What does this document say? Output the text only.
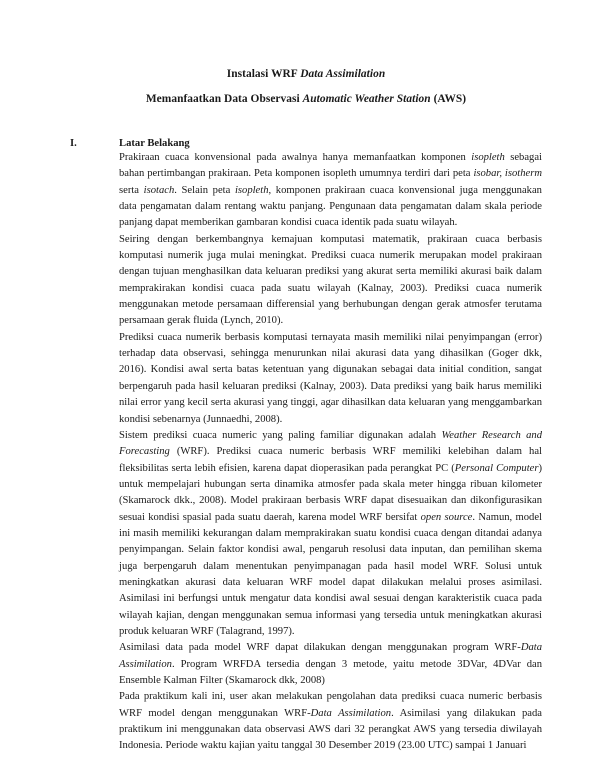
Instalasi WRF Data Assimilation
Memanfaatkan Data Observasi Automatic Weather Station (AWS)
I.	Latar Belakang

Prakiraan cuaca konvensional pada awalnya hanya memanfaatkan komponen isopleth sebagai bahan pertimbangan prakiraan. Peta komponen isopleth umumnya terdiri dari peta isobar, isotherm serta isotach. Selain peta isopleth, komponen prakiraan cuaca konvensional juga menggunakan data pengamatan dalam rentang waktu panjang. Pengunaan data pengamatan dalam skala periode panjang dapat memberikan gambaran kondisi cuaca identik pada suatu wilayah.

Seiring dengan berkembangnya kemajuan komputasi matematik, prakiraan cuaca berbasis komputasi numerik juga mulai meningkat. Prediksi cuaca numerik merupakan model prakiraan dengan tujuan menghasilkan data keluaran prediksi yang akurat serta memiliki akurasi baik dalam memprakirakan kondisi cuaca pada suatu wilayah (Kalnay, 2003). Prediksi cuaca numerik menggunakan metode persamaan differensial yang berhubungan dengan gerak atmosfer terutama persamaan gerak fluida (Lynch, 2010).

Prediksi cuaca numerik berbasis komputasi ternayata masih memiliki nilai penyimpangan (error) terhadap data observasi, sehingga menurunkan nilai akurasi data yang dihasilkan (Goger dkk, 2016). Kondisi awal serta batas ketentuan yang digunakan sebagai data initial condition, sangat berpengaruh pada hasil keluaran prediksi (Kalnay, 2003). Data prediksi yang baik harus memiliki nilai error yang kecil serta akurasi yang tinggi, agar dihasilkan data keluaran yang menggambarkan kondisi sebenarnya (Junnaedhi, 2008).

Sistem prediksi cuaca numeric yang paling familiar digunakan adalah Weather Research and Forecasting (WRF). Prediksi cuaca numeric berbasis WRF memiliki kelebihan dalam hal fleksibilitas serta lebih efisien, karena dapat dioperasikan pada perangkat PC (Personal Computer) untuk mempelajari hubungan serta dinamika atmosfer pada skala meter hingga ribuan kilometer (Skamarock dkk., 2008). Model prakiraan berbasis WRF dapat disesuaikan dan dikonfigurasikan sesuai kondisi spasial pada suatu daerah, karena model WRF bersifat open source. Namun, model ini masih memiliki kekurangan dalam memprakirakan suatu kondisi cuaca dengan ditandai adanya penyimpangan. Selain faktor kondisi awal, pengaruh resolusi data inputan, dan pemilihan skema juga berpengaruh dalam menentukan penyimpanagan pada hasil model WRF. Solusi untuk meningkatkan akurasi data keluaran WRF model dapat dilakukan melalui proses asimilasi. Asimilasi ini berfungsi untuk mengatur data kondisi awal sesuai dengan karakteristik cuaca pada wilayah kajian, dengan menggunakan semua informasi yang tersedia untuk meningkatkan akurasi produk keluaran WRF (Talagrand, 1997).

Asimilasi data pada model WRF dapat dilakukan dengan menggunakan program WRF-Data Assimilation. Program WRFDA tersedia dengan 3 metode, yaitu metode 3DVar, 4DVar dan Ensemble Kalman Filter (Skamarock dkk, 2008)

Pada praktikum kali ini, user akan melakukan pengolahan data prediksi cuaca numeric berbasis WRF model dengan menggunakan WRF-Data Assimilation. Asimilasi yang dilakukan pada praktikum ini menggunakan data observasi AWS dari 32 perangkat AWS yang tersedia diwilayah Indonesia. Periode waktu kajian yaitu tanggal 30 Desember 2019 (23.00 UTC) sampai 1 Januari
